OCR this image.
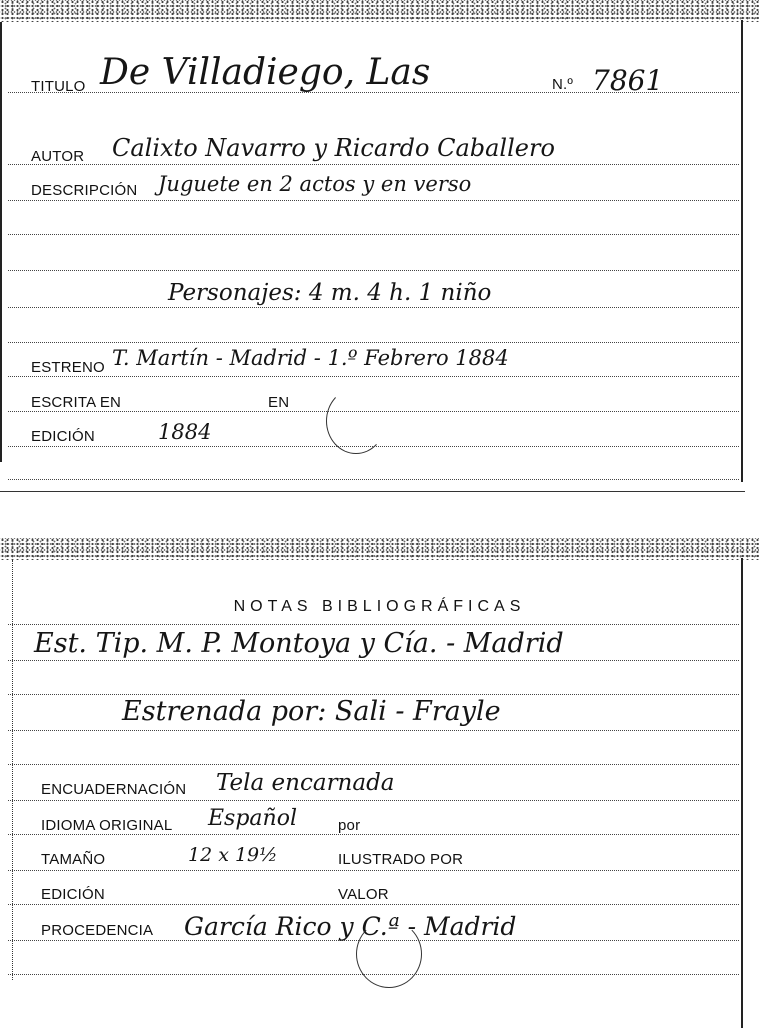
TITULO De Villadiego, Las	N.º 7861
AUTOR Calixto Navarro y Ricardo Caballero
DESCRIPCIÓN Juguete en 2 actos y en verso
Personajes: 4 m. 4 h. 1 niño
ESTRENO T. Martín - Madrid - 1.º Febrero 1884
ESCRITA EN	EN
EDICIÓN	1884
NOTAS BIBLIOGRÁFICAS
Est. Tip. M. P. Montoya y Cía. - Madrid
Estrenada por: Sali - Frayle
ENCUADERNACIÓN Tela encarnada
IDIOMA ORIGINAL Español	por
TAMAÑO	12 x 19½	ILUSTRADO POR
EDICIÓN	VALOR
PROCEDENCIA García Rico y C.ª - Madrid
